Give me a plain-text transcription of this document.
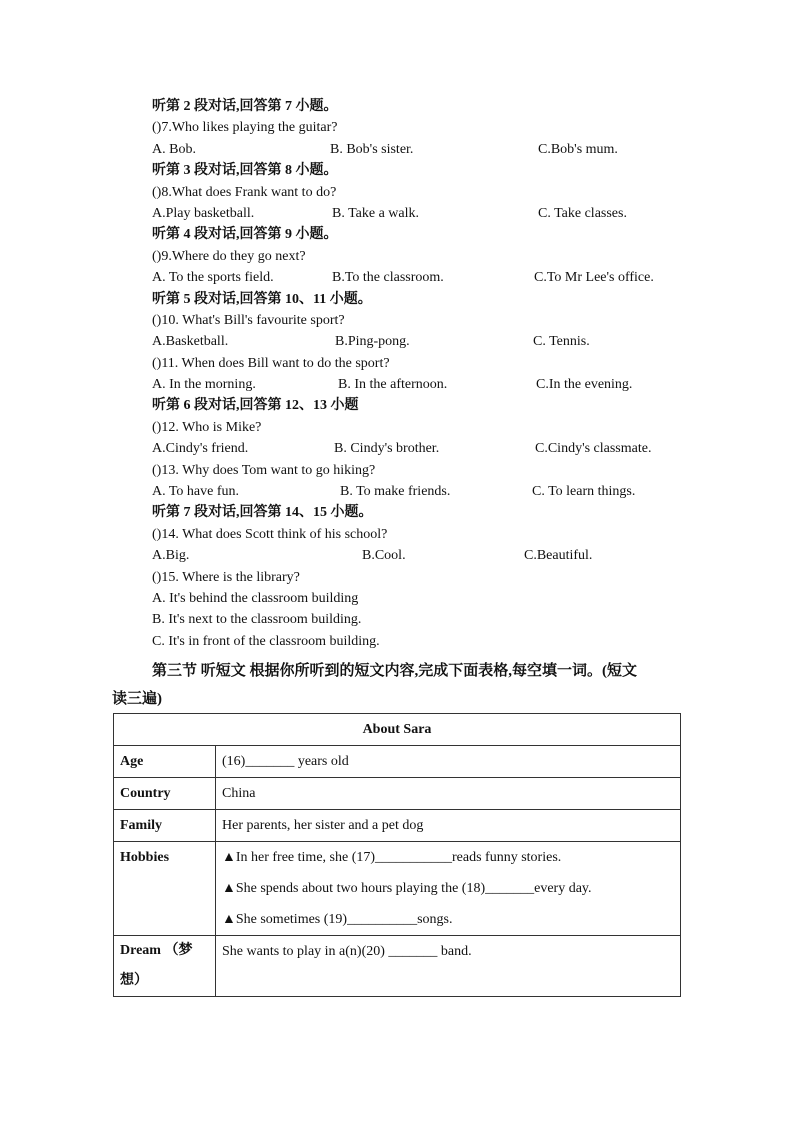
听第 2 段对话,回答第 7 小题。
()7.Who likes playing the guitar?
A. Bob.	B. Bob's sister.	C.Bob's mum.
听第 3 段对话,回答第 8 小题。
()8.What does Frank want to do?
A.Play basketball.	B. Take a walk.	C. Take classes.
听第 4 段对话,回答第 9 小题。
()9.Where do they go next?
A. To the sports field.	B.To the classroom.	C.To Mr Lee's office.
听第 5 段对话,回答第 10、11 小题。
()10. What's Bill's favourite sport?
A.Basketball.	B.Ping-pong.	C. Tennis.
()11. When does Bill want to do the sport?
A. In the morning.	B. In the afternoon.	C.In the evening.
听第 6 段对话,回答第 12、13 小题
()12. Who is Mike?
A.Cindy's friend.	B. Cindy's brother.	C.Cindy's classmate.
()13. Why does Tom want to go hiking?
A. To have fun.	B. To make friends.	C. To learn things.
听第 7 段对话,回答第 14、15 小题。
()14. What does Scott think of his school?
A.Big.	B.Cool.	C.Beautiful.
()15. Where is the library?
A. It's behind the classroom building
B. It's next to the classroom building.
C. It's in front of the classroom building.
第三节 听短文 根据你所听到的短文内容,完成下面表格,每空填一词。(短文
读三遍)
About Sara	
Age	(16)_______ years old
Country	China
Family	Her parents, her sister and a pet dog
Hobbies	▲In her free time, she (17)___________reads funny stories.
▲She spends about two hours playing the (18)_______every day.
▲She sometimes (19)__________songs.

Dream （梦想）	She wants to play in a(n)(20) _______ band.
